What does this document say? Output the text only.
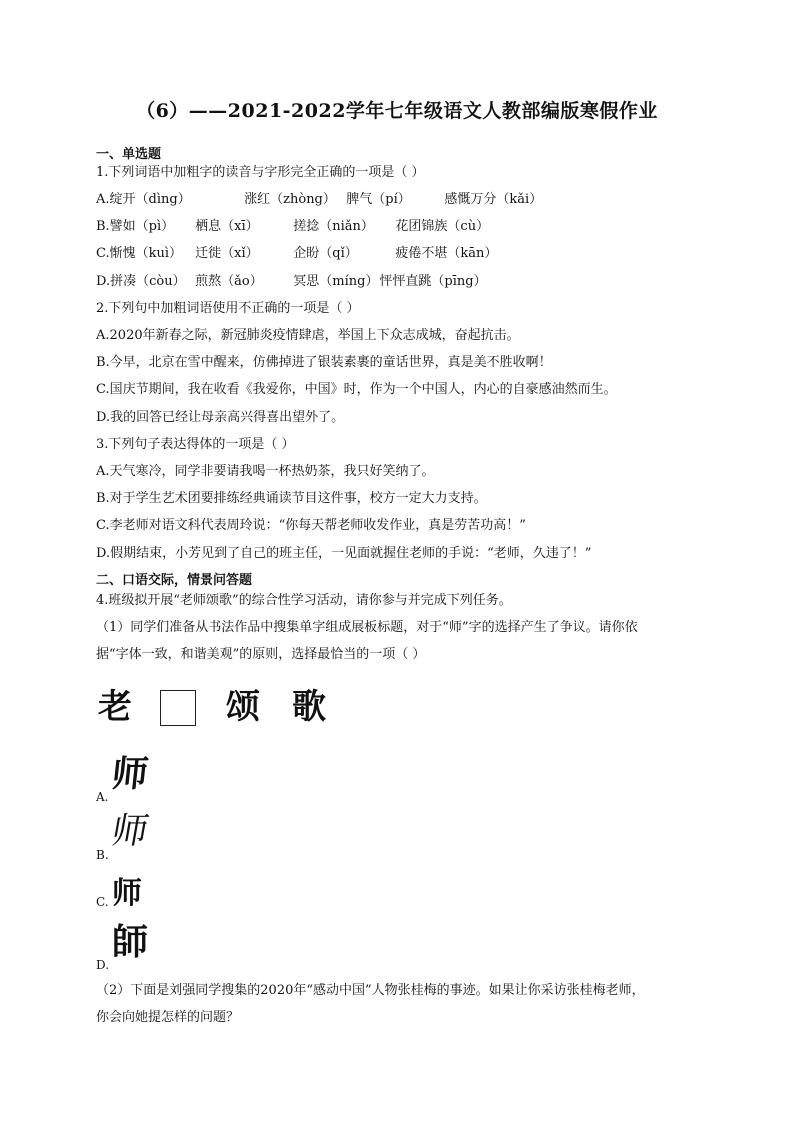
（6）——2021-2022学年七年级语文人教部编版寒假作业
一、单选题
1.下列词语中加粗字的读音与字形完全正确的一项是（ ）
A.绽开（dìng）	涨红（zhòng） 脾气（pí）	感慨万分（kǎi）
B.譬如（pì） 栖息（xī）	搓捻（niǎn） 花团锦族（cù）
C.惭愧（kuì） 迁徙（xǐ）	企盼（qǐ）	疲倦不堪（kān）
D.拼凑（còu） 煎熬（ǎo） 冥思（míng） 怦怦直跳（pīng）
2.下列句中加粗词语使用不正确的一项是（ ）
A.2020年新春之际，新冠肺炎疫情肆虐，举国上下众志成城，奋起抗击。
B.今早，北京在雪中醒来，仿佛掉进了银装素裹的童话世界，真是美不胜收啊！
C.国庆节期间，我在收看《我爱你，中国》时，作为一个中国人，内心的自豪感油然而生。
D.我的回答已经让母亲高兴得喜出望外了。
3.下列句子表达得体的一项是（ ）
A.天气寒冷，同学非要请我喝一杯热奶茶，我只好笑纳了。
B.对于学生艺术团要排练经典诵读节目这件事，校方一定大力支持。
C.李老师对语文科代表周玲说：“你每天帮老师收发作业，真是劳苦功高！”
D.假期结束，小芳见到了自己的班主任，一见面就握住老师的手说：“老师，久违了！”
二、口语交际，情景问答题
4.班级拟开展“老师颂歌”的综合性学习活动，请你参与并完成下列任务。
（1）同学们准备从书法作品中搜集单字组成展板标题，对于“师”字的选择产生了争议。请你依
据“字体一致，和谐美观”的原则，选择最恰当的一项（ ）
老	颂 歌
师
A.
师
B.
师
C.
師
D.
（2）下面是刘强同学搜集的2020年“感动中国”人物张桂梅的事迹。如果让你采访张桂梅老师，
你会向她提怎样的问题？
